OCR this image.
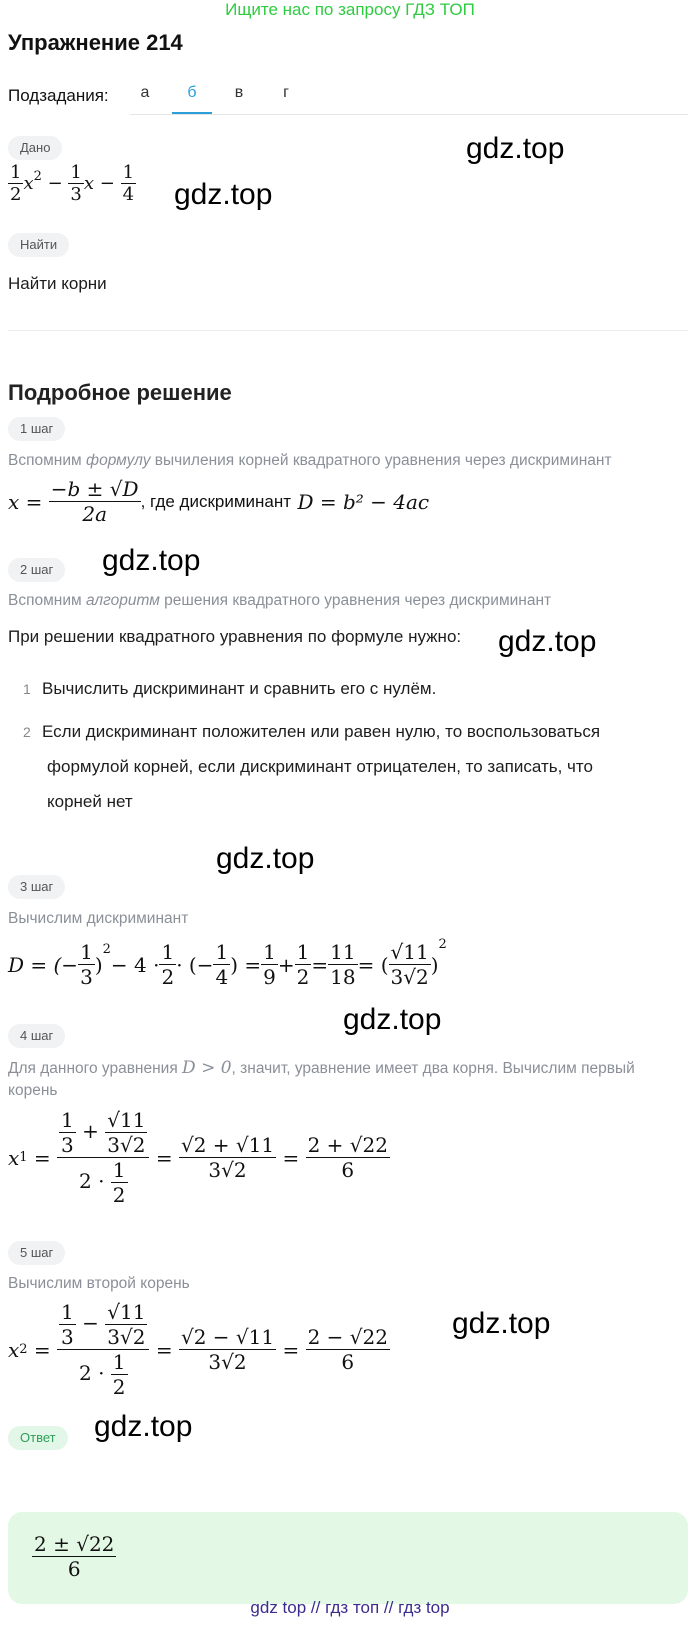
Ищите нас по запросу ГДЗ ТОП
Упражнение 214
Подзадания:	а	б	в	г
Дано
$\frac{1}{2} x^2 - \frac{1}{3}$ $x - \frac{1}{4}$
Найти
Найти корни
Подробное решение
gdz.top
gdz.top
gdz.top
gdz.top
gdz.top
gdz.top
gdz.top
gdz.top
1 шаг
Вспомним формулу вычиления корней квадратного уравнения через дискриминант
x =
$\frac{-b \pm √D}{2a}$ , где дискриминант
D = b² − 4ac
2 шаг
Вспомним алгоритм решения квадратного уравнения через дискриминант
При решении квадратного уравнения по формуле нужно:
1 Вычислить дискриминант и сравнить его с нулём.
2 Если дискриминант положителен или равен нулю, то воспользоваться
формулой корней, если дискриминант отрицателен, то записать, что
корней нет
3 шаг
Вычислим дискриминант
D = (− $\frac{1}{3}$ )
$^2$
− $4 \cdot \frac{1}{2}$ · (− $\frac{1}{4}$ ) = $\frac{1}{9} + \frac{1}{2} = \frac{11}{18}$ = ( $\frac{√11}{3√2}$ )
2
4 шаг
Для данного уравнения D > 0, значит, уравнение имеет два корня. Вычислим первый
корень
x 1
= $\frac{\frac{1}{3} + \frac{√11}{3√2}}{2 \cdot \frac{1}{2}} = \frac{√2 + √11}{3√2} = \frac{2 + √22}{6}$
5 шаг
Вычислим второй корень
x 2
= $\frac{\frac{1}{3} - \frac{√11}{3√2}}{2 \cdot \frac{1}{2}} = \frac{√2 - √11}{3√2} = \frac{2 - √22}{6}$
Ответ
$\frac{2 \pm √22}{6}$
gdz top // гдз топ // гдз top
